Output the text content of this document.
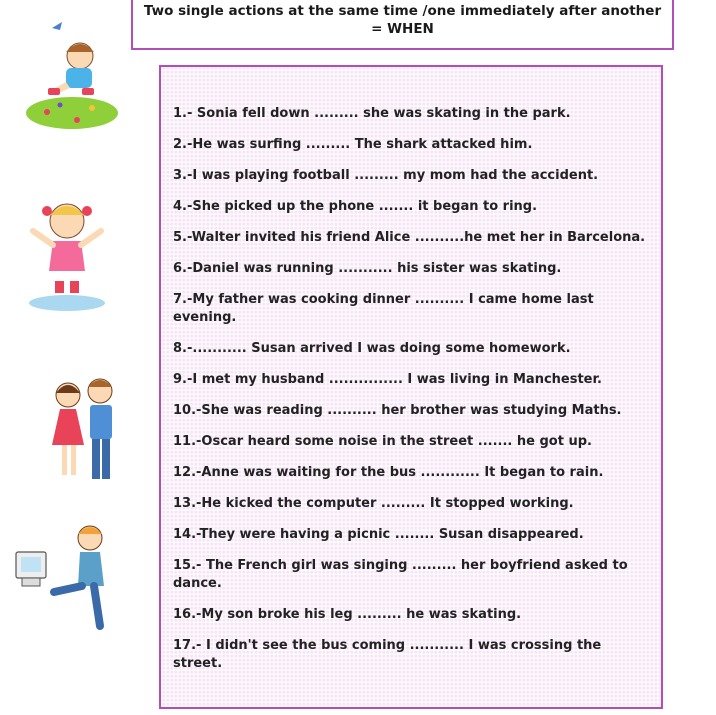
Two single actions at the same time /one immediately after another
= WHEN
1.- Sonia fell down ......... she was skating in the park.
2.-He was surfing ......... The shark attacked him.
3.-I was playing football ......... my mom had the accident.
4.-She picked up the phone ....... it began to ring.
5.-Walter invited his friend Alice ..........he met her in Barcelona.
6.-Daniel was running ........... his sister was skating.
7.-My father was cooking dinner .......... I came home last evening.
8.-........... Susan arrived I was doing some homework.
9.-I met my husband ............... I was living in Manchester.
10.-She was reading .......... her brother was studying Maths.
11.-Oscar heard some noise in the street ....... he got up.
12.-Anne was waiting for the bus ............ It began to rain.
13.-He kicked the computer ......... It stopped working.
14.-They were having a picnic ........ Susan disappeared.
15.- The French girl was singing ......... her boyfriend asked to dance.
16.-My son broke his leg ......... he was skating.
17.- I didn't see the bus coming ........... I was crossing the street.
